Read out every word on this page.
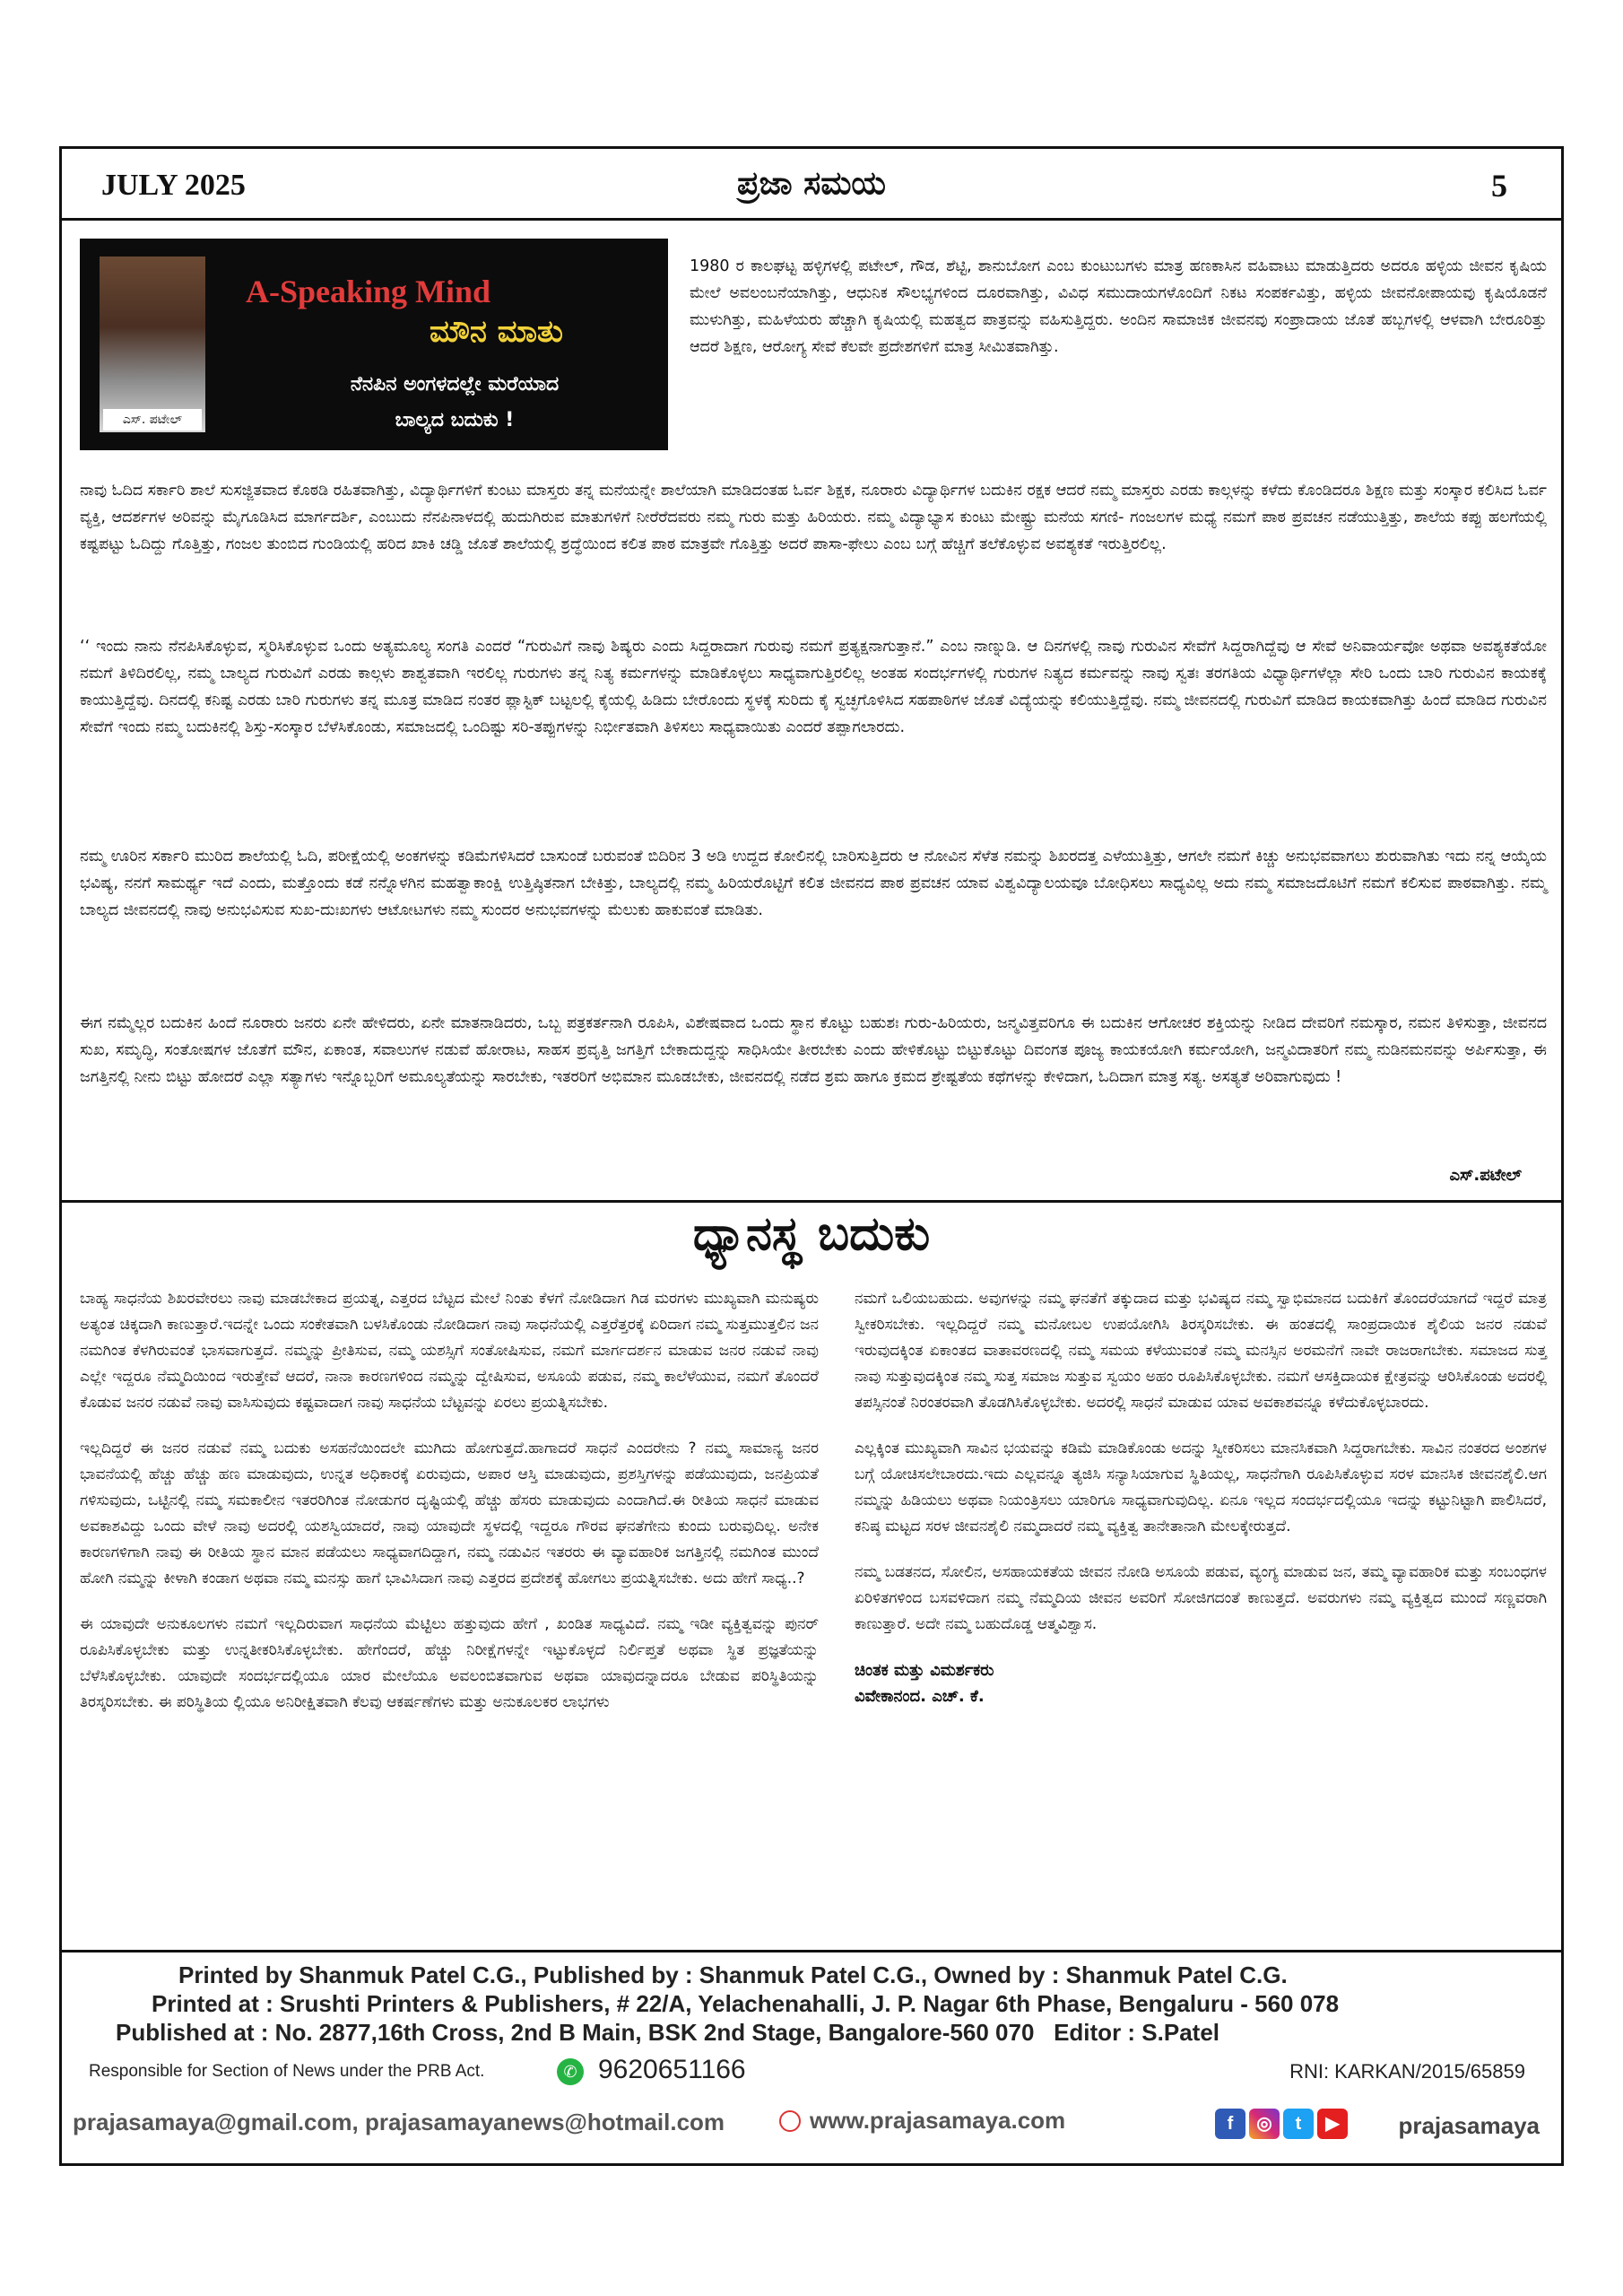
JULY 2025	ಪ್ರಜಾ ಸಮಯ	5
ಎಸ್. ಪಟೇಲ್
A-Speaking Mind
ಮೌನ ಮಾತು
ನೆನಪಿನ ಅಂಗಳದಲ್ಲೇ ಮರೆಯಾದ
ಬಾಲ್ಯದ ಬದುಕು !

1980 ರ ಕಾಲಘಟ್ಟ ಹಳ್ಳಿಗಳಲ್ಲಿ ಪಟೇಲ್, ಗೌಡ, ಶೆಟ್ಟಿ, ಶಾನುಬೋಗ ಎಂಬ ಕುಂಟುಬಗಳು ಮಾತ್ರ ಹಣಕಾಸಿನ ವಹಿವಾಟು ಮಾಡುತ್ತಿದರು ಅದರೂ ಹಳ್ಳಿಯ ಜೀವನ ಕೃಷಿಯ ಮೇಲೆ ಅವಲಂಬನೆಯಾಗಿತ್ತು, ಆಧುನಿಕ ಸೌಲಭ್ಯಗಳಿಂದ ದೂರವಾಗಿತ್ತು, ವಿವಿಧ ಸಮುದಾಯಗಳೊಂದಿಗೆ ನಿಕಟ ಸಂಪರ್ಕವಿತ್ತು, ಹಳ್ಳಿಯ ಜೀವನೋಪಾಯವು ಕೃಷಿಯೊಡನೆ ಮುಳುಗಿತ್ತು, ಮಹಿಳೆಯರು ಹೆಚ್ಚಾಗಿ ಕೃಷಿಯಲ್ಲಿ ಮಹತ್ವದ ಪಾತ್ರವನ್ನು ವಹಿಸುತ್ತಿದ್ದರು. ಅಂದಿನ ಸಾಮಾಜಿಕ ಜೀವನವು ಸಂಪ್ರಾದಾಯ ಜೊತೆ ಹಬ್ಬಗಳಲ್ಲಿ ಆಳವಾಗಿ ಬೇರೂರಿತ್ತು ಆದರೆ ಶಿಕ್ಷಣ, ಆರೋಗ್ಯ ಸೇವೆ ಕೆಲವೇ ಪ್ರದೇಶಗಳಿಗೆ ಮಾತ್ರ ಸೀಮಿತವಾಗಿತ್ತು.

ನಾವು ಓದಿದ ಸರ್ಕಾರಿ ಶಾಲೆ ಸುಸಜ್ಜಿತವಾದ ಕೊಠಡಿ ರಹಿತವಾಗಿತ್ತು, ವಿದ್ಯಾರ್ಥಿಗಳಿಗೆ ಕುಂಟು ಮಾಸ್ತರು ತನ್ನ ಮನೆಯನ್ನೇ ಶಾಲೆಯಾಗಿ ಮಾಡಿದಂತಹ ಓರ್ವ ಶಿಕ್ಷಕ, ನೂರಾರು ವಿದ್ಯಾರ್ಥಿಗಳ ಬದುಕಿನ ರಕ್ಷಕ ಆದರೆ ನಮ್ಮ ಮಾಸ್ತರು ಎರಡು ಕಾಲ್ಗಳನ್ನು ಕಳೆದು ಕೊಂಡಿದರೂ ಶಿಕ್ಷಣ ಮತ್ತು ಸಂಸ್ಕಾರ ಕಲಿಸಿದ ಓರ್ವ ವ್ಯಕ್ತಿ, ಆದರ್ಶಗಳ ಅರಿವನ್ನು ಮೈಗೂಡಿಸಿದ ಮಾರ್ಗದರ್ಶಿ, ಎಂಬುದು ನೆನಪಿನಾಳದಲ್ಲಿ ಹುದುಗಿರುವ ಮಾತುಗಳಿಗೆ ನೀರೆರೆದವರು ನಮ್ಮ ಗುರು ಮತ್ತು ಹಿರಿಯರು. ನಮ್ಮ ವಿದ್ಯಾಭ್ಯಾಸ ಕುಂಟು ಮೇಷ್ಟ್ರು ಮನೆಯ ಸಗಣಿ- ಗಂಜಲಗಳ ಮಧ್ಯೆ ನಮಗೆ ಪಾಠ ಪ್ರವಚನ ನಡೆಯುತ್ತಿತ್ತು, ಶಾಲೆಯ ಕಪ್ಪು ಹಲಗೆಯಲ್ಲಿ ಕಷ್ಟಪಟ್ಟು ಓದಿದ್ದು ಗೊತ್ತಿತ್ತು, ಗಂಜಲ ತುಂಬಿದ ಗುಂಡಿಯಲ್ಲಿ ಹರಿದ ಖಾಕಿ ಚಡ್ಡಿ ಜೊತೆ ಶಾಲೆಯಲ್ಲಿ ಶ್ರದ್ಧೆಯಿಂದ ಕಲಿತ ಪಾಠ ಮಾತ್ರವೇ ಗೊತ್ತಿತ್ತು ಅದರೆ ಪಾಸಾ-ಫೇಲು ಎಂಬ ಬಗ್ಗೆ ಹೆಚ್ಚಿಗೆ ತಲೆಕೊಳ್ಳುವ ಅವಶ್ಯಕತೆ ಇರುತ್ತಿರಲಿಲ್ಲ.

‘‘ ಇಂದು ನಾನು ನೆನಪಿಸಿಕೊಳ್ಳುವ, ಸ್ಮರಿಸಿಕೊಳ್ಳುವ ಒಂದು ಅತ್ಯಮೂಲ್ಯ ಸಂಗತಿ ಎಂದರೆ “ಗುರುವಿಗೆ ನಾವು ಶಿಷ್ಯರು ಎಂದು ಸಿದ್ದರಾದಾಗ ಗುರುವು ನಮಗೆ ಪ್ರತ್ಯಕ್ಷನಾಗುತ್ತಾನೆ.” ಎಂಬ ನಾಣ್ನುಡಿ. ಆ ದಿನಗಳಲ್ಲಿ ನಾವು ಗುರುವಿನ ಸೇವೆಗೆ ಸಿದ್ದರಾಗಿದ್ದೆವು ಆ ಸೇವೆ ಅನಿವಾರ್ಯವೋ ಅಥವಾ ಅವಶ್ಯಕತೆಯೋ ನಮಗೆ ತಿಳಿದಿರಲಿಲ್ಲ, ನಮ್ಮ ಬಾಲ್ಯದ ಗುರುವಿಗೆ ಎರಡು ಕಾಲ್ಗಳು ಶಾಶ್ವತವಾಗಿ ಇರಲಿಲ್ಲ ಗುರುಗಳು ತನ್ನ ನಿತ್ಯ ಕರ್ಮಗಳನ್ನು ಮಾಡಿಕೊಳ್ಳಲು ಸಾಧ್ಯವಾಗುತ್ತಿರಲಿಲ್ಲ ಅಂತಹ ಸಂದರ್ಭಗಳಲ್ಲಿ ಗುರುಗಳ ನಿತ್ಯದ ಕರ್ಮವನ್ನು ನಾವು ಸ್ವತಃ ತರಗತಿಯ ವಿಧ್ಯಾರ್ಥಿಗಳೆಲ್ಲಾ ಸೇರಿ ಒಂದು ಬಾರಿ ಗುರುವಿನ ಕಾಯಕಕ್ಕೆ ಕಾಯುತ್ತಿದ್ದೆವು. ದಿನದಲ್ಲಿ ಕನಿಷ್ಟ ಎರಡು ಬಾರಿ ಗುರುಗಳು ತನ್ನ ಮೂತ್ರ ಮಾಡಿದ ನಂತರ ಪ್ಲಾಸ್ಟಿಕ್ ಬಟ್ಟಲಲ್ಲಿ ಕೈಯಲ್ಲಿ ಹಿಡಿದು ಬೇರೊಂದು ಸ್ಥಳಕ್ಕೆ ಸುರಿದು ಕೈ ಸ್ವಚ್ಛಗೊಳಿಸಿದ ಸಹಪಾಠಿಗಳ ಜೊತೆ ವಿದ್ಯೆಯನ್ನು ಕಲಿಯುತ್ತಿದ್ದೆವು. ನಮ್ಮ ಜೀವನದಲ್ಲಿ ಗುರುವಿಗೆ ಮಾಡಿದ ಕಾಯಕವಾಗಿತ್ತು ಹಿಂದೆ ಮಾಡಿದ ಗುರುವಿನ ಸೇವೆಗೆ ಇಂದು ನಮ್ಮ ಬದುಕಿನಲ್ಲಿ ಶಿಸ್ತು-ಸಂಸ್ಕಾರ ಬೆಳೆಸಿಕೊಂಡು, ಸಮಾಜದಲ್ಲಿ ಒಂದಿಷ್ಟು ಸರಿ-ತಪ್ಪುಗಳನ್ನು ನಿರ್ಭೀತವಾಗಿ ತಿಳಿಸಲು ಸಾಧ್ಯವಾಯಿತು ಎಂದರೆ ತಪ್ಪಾಗಲಾರದು.

ನಮ್ಮ ಊರಿನ ಸರ್ಕಾರಿ ಮುರಿದ ಶಾಲೆಯಲ್ಲಿ ಓದಿ, ಪರೀಕ್ಷೆಯಲ್ಲಿ ಅಂಕಗಳನ್ನು ಕಡಿಮೆಗಳಿಸಿದರೆ ಬಾಸುಂಡೆ ಬರುವಂತೆ ಬಿದಿರಿನ 3 ಅಡಿ ಉದ್ದದ ಕೋಲಿನಲ್ಲಿ ಬಾರಿಸುತ್ತಿದರು ಆ ನೋವಿನ ಸೆಳೆತ ನಮನ್ನು ಶಿಖರದತ್ತ ಎಳೆಯುತ್ತಿತ್ತು, ಆಗಲೇ ನಮಗೆ ಕಿಚ್ಚು ಅನುಭವವಾಗಲು ಶುರುವಾಗಿತು ಇದು ನನ್ನ ಆಯ್ಕೆಯ ಭವಿಷ್ಯ, ನನಗೆ ಸಾಮರ್ಥ್ಯ ಇದೆ ಎಂದು, ಮತ್ತೊಂದು ಕಡೆ ನನ್ನೊಳಗಿನ ಮಹತ್ವಾಕಾಂಕ್ಷಿ ಉತ್ತಿಷ್ಠಿತನಾಗ ಬೇಕಿತ್ತು, ಬಾಲ್ಯದಲ್ಲಿ ನಮ್ಮ ಹಿರಿಯರೊಟ್ಟಿಗೆ ಕಲಿತ ಜೀವನದ ಪಾಠ ಪ್ರವಚನ ಯಾವ ವಿಶ್ವವಿದ್ಯಾಲಯವೂ ಬೋಧಿಸಲು ಸಾಧ್ಯವಿಲ್ಲ ಅದು ನಮ್ಮ ಸಮಾಜದೊಟಿಗೆ ನಮಗೆ ಕಲಿಸುವ ಪಾಠವಾಗಿತ್ತು. ನಮ್ಮ ಬಾಲ್ಯದ ಜೀವನದಲ್ಲಿ ನಾವು ಅನುಭವಿಸುವ ಸುಖ-ದುಃಖಗಳು ಆಟೋಟಗಳು ನಮ್ಮ ಸುಂದರ ಅನುಭವಗಳನ್ನು ಮೆಲುಕು ಹಾಕುವಂತೆ ಮಾಡಿತು.

ಈಗ ನಮ್ಮೆಲ್ಲರ ಬದುಕಿನ ಹಿಂದೆ ನೂರಾರು ಜನರು ಏನೇ ಹೇಳಿದರು, ಏನೇ ಮಾತನಾಡಿದರು, ಒಬ್ಬ ಪತ್ರಕರ್ತನಾಗಿ ರೂಪಿಸಿ, ವಿಶೇಷವಾದ ಒಂದು ಸ್ಥಾನ ಕೊಟ್ಟು ಬಹುಶಃ ಗುರು-ಹಿರಿಯರು, ಜನ್ಮವಿತ್ತವರಿಗೂ ಈ ಬದುಕಿನ ಆಗೋಚರ ಶಕ್ತಿಯನ್ನು ನೀಡಿದ ದೇವರಿಗೆ ನಮಸ್ಕಾರ, ನಮನ ತಿಳಿಸುತ್ತಾ, ಜೀವನದ ಸುಖ, ಸಮೃದ್ಧಿ, ಸಂತೋಷಗಳ ಜೊತೆಗೆ ಮೌನ, ಏಕಾಂತ, ಸವಾಲುಗಳ ನಡುವೆ ಹೋರಾಟ, ಸಾಹಸ ಪ್ರವೃತ್ತಿ ಜಗತ್ತಿಗೆ ಬೇಕಾದುದ್ದನ್ನು ಸಾಧಿಸಿಯೇ ತೀರಬೇಕು ಎಂದು ಹೇಳಿಕೊಟ್ಟು ಬಿಟ್ಟುಕೊಟ್ಟು ದಿವಂಗತ ಪೂಜ್ಯ ಕಾಯಕಯೋಗಿ ಕರ್ಮಯೋಗಿ, ಜನ್ಮವಿದಾತರಿಗೆ ನಮ್ಮ ನುಡಿನಮನವನ್ನು ಅರ್ಪಿಸುತ್ತಾ, ಈ ಜಗತ್ತಿನಲ್ಲಿ ನೀನು ಬಿಟ್ಟು ಹೋದರೆ ಎಲ್ಲಾ ಸತ್ಯಾಗಳು ಇನ್ನೊಬ್ಬರಿಗೆ ಅಮೂಲ್ಯತೆಯನ್ನು ಸಾರಬೇಕು, ಇತರರಿಗೆ ಅಭಿಮಾನ ಮೂಡಬೇಕು, ಜೀವನದಲ್ಲಿ ನಡೆದ ಶ್ರಮ ಹಾಗೂ ಕ್ರಮದ ಶ್ರೇಷ್ಟತೆಯ ಕಥೆಗಳನ್ನು ಕೇಳಿದಾಗ, ಓದಿದಾಗ ಮಾತ್ರ ಸತ್ಯ. ಅಸತ್ಯತೆ ಅರಿವಾಗುವುದು !

ಎಸ್.ಪಟೇಲ್
ಧ್ಯಾನಸ್ಥ ಬದುಕು

ಬಾಹ್ಯ ಸಾಧನೆಯ ಶಿಖರವೇರಲು ನಾವು ಮಾಡಬೇಕಾದ ಪ್ರಯತ್ನ, ಎತ್ತರದ ಬೆಟ್ಟದ ಮೇಲೆ ನಿಂತು ಕೆಳಗೆ ನೋಡಿದಾಗ ಗಿಡ ಮರಗಳು ಮುಖ್ಯವಾಗಿ ಮನುಷ್ಯರು ಅತ್ಯಂತ ಚಿಕ್ಕದಾಗಿ ಕಾಣುತ್ತಾರೆ.ಇದನ್ನೇ ಒಂದು ಸಂಕೇತವಾಗಿ ಬಳಸಿಕೊಂಡು ನೋಡಿದಾಗ ನಾವು ಸಾಧನೆಯಲ್ಲಿ ಎತ್ತರೆತ್ತರಕ್ಕೆ ಏರಿದಾಗ ನಮ್ಮ ಸುತ್ತಮುತ್ತಲಿನ ಜನ ನಮಗಿಂತ ಕೆಳಗಿರುವಂತೆ ಭಾಸವಾಗುತ್ತದೆ. ನಮ್ಮನ್ನು ಪ್ರೀತಿಸುವ, ನಮ್ಮ ಯಶಸ್ಸಿಗೆ ಸಂತೋಷಿಸುವ, ನಮಗೆ ಮಾರ್ಗದರ್ಶನ ಮಾಡುವ ಜನರ ನಡುವೆ ನಾವು ಎಲ್ಲೇ ಇದ್ದರೂ ನೆಮ್ಮದಿಯಿಂದ ಇರುತ್ತೇವೆ ಆದರೆ, ನಾನಾ ಕಾರಣಗಳಿಂದ ನಮ್ಮನ್ನು ದ್ವೇಷಿಸುವ, ಅಸೂಯೆ ಪಡುವ, ನಮ್ಮ ಕಾಲೆಳೆಯುವ, ನಮಗೆ ತೊಂದರೆ ಕೊಡುವ ಜನರ ನಡುವೆ ನಾವು ವಾಸಿಸುವುದು ಕಷ್ಟವಾದಾಗ ನಾವು ಸಾಧನೆಯ ಬೆಟ್ಟವನ್ನು ಏರಲು ಪ್ರಯತ್ನಿಸಬೇಕು.

ಇಲ್ಲದಿದ್ದರೆ ಈ ಜನರ ನಡುವೆ ನಮ್ಮ ಬದುಕು ಅಸಹನೆಯಿಂದಲೇ ಮುಗಿದು ಹೋಗುತ್ತದೆ.ಹಾಗಾದರೆ ಸಾಧನೆ ಎಂದರೇನು ? ನಮ್ಮ ಸಾಮಾನ್ಯ ಜನರ ಭಾವನೆಯಲ್ಲಿ ಹೆಚ್ಚು ಹೆಚ್ಚು ಹಣ ಮಾಡುವುದು, ಉನ್ನತ ಅಧಿಕಾರಕ್ಕೆ ಏರುವುದು, ಅಪಾರ ಆಸ್ತಿ ಮಾಡುವುದು, ಪ್ರಶಸ್ತಿಗಳನ್ನು ಪಡೆಯುವುದು, ಜನಪ್ರಿಯತೆ ಗಳಿಸುವುದು, ಒಟ್ಟಿನಲ್ಲಿ ನಮ್ಮ ಸಮಕಾಲೀನ ಇತರರಿಗಿಂತ ನೋಡುಗರ ದೃಷ್ಟಿಯಲ್ಲಿ ಹೆಚ್ಚು ಹೆಸರು ಮಾಡುವುದು ಎಂದಾಗಿದೆ.ಈ ರೀತಿಯ ಸಾಧನೆ ಮಾಡುವ ಅವಕಾಶವಿದ್ದು ಒಂದು ವೇಳೆ ನಾವು ಅದರಲ್ಲಿ ಯಶಸ್ವಿಯಾದರೆ, ನಾವು ಯಾವುದೇ ಸ್ಥಳದಲ್ಲಿ ಇದ್ದರೂ ಗೌರವ ಘನತೆಗೇನು ಕುಂದು ಬರುವುದಿಲ್ಲ. ಅನೇಕ ಕಾರಣಗಳಿಗಾಗಿ ನಾವು ಈ ರೀತಿಯ ಸ್ಥಾನ ಮಾನ ಪಡೆಯಲು ಸಾಧ್ಯವಾಗದಿದ್ದಾಗ, ನಮ್ಮ ನಡುವಿನ ಇತರರು ಈ ವ್ಯಾವಹಾರಿಕ ಜಗತ್ತಿನಲ್ಲಿ ನಮಗಿಂತ ಮುಂದೆ ಹೋಗಿ ನಮ್ಮನ್ನು ಕೀಳಾಗಿ ಕಂಡಾಗ ಅಥವಾ ನಮ್ಮ ಮನಸ್ಸು ಹಾಗೆ ಭಾವಿಸಿದಾಗ ನಾವು ಎತ್ತರದ ಪ್ರದೇಶಕ್ಕೆ ಹೋಗಲು ಪ್ರಯತ್ನಿಸಬೇಕು. ಅದು ಹೇಗೆ ಸಾಧ್ಯ..?

ಈ ಯಾವುದೇ ಅನುಕೂಲಗಳು ನಮಗೆ ಇಲ್ಲದಿರುವಾಗ ಸಾಧನೆಯ ಮೆಟ್ಟಿಲು ಹತ್ತುವುದು ಹೇಗೆ , ಖಂಡಿತ ಸಾಧ್ಯವಿದೆ. ನಮ್ಮ ಇಡೀ ವ್ಯಕ್ತಿತ್ವವನ್ನು ಪುನರ್ ರೂಪಿಸಿಕೊಳ್ಳಬೇಕು ಮತ್ತು ಉನ್ನತೀಕರಿಸಿಕೊಳ್ಳಬೇಕು. ಹೇಗೆಂದರೆ, ಹೆಚ್ಚು ನಿರೀಕ್ಷೆಗಳನ್ನೇ ಇಟ್ಟುಕೊಳ್ಳದೆ ನಿರ್ಲಿಪ್ತತೆ ಅಥವಾ ಸ್ಥಿತ ಪ್ರಜ್ಞತೆಯನ್ನು ಬೆಳೆಸಿಕೊಳ್ಳಬೇಕು. ಯಾವುದೇ ಸಂದರ್ಭದಲ್ಲಿಯೂ ಯಾರ ಮೇಲೆಯೂ ಅವಲಂಬಿತವಾಗುವ ಅಥವಾ ಯಾವುದನ್ನಾದರೂ ಬೇಡುವ ಪರಿಸ್ಥಿತಿಯನ್ನು ತಿರಸ್ಕರಿಸಬೇಕು. ಈ ಪರಿಸ್ಥಿತಿಯ ಲ್ಲಿಯೂ ಅನಿರೀಕ್ಷಿತವಾಗಿ ಕೆಲವು ಆಕರ್ಷಣೆಗಳು ಮತ್ತು ಅನುಕೂಲಕರ ಲಾಭಗಳು

ನಮಗೆ ಒಲಿಯಬಹುದು. ಅವುಗಳನ್ನು ನಮ್ಮ ಘನತೆಗೆ ತಕ್ಕುದಾದ ಮತ್ತು ಭವಿಷ್ಯದ ನಮ್ಮ ಸ್ವಾಭಿಮಾನದ ಬದುಕಿಗೆ ತೊಂದರೆಯಾಗದೆ ಇದ್ದರೆ ಮಾತ್ರ ಸ್ವೀಕರಿಸಬೇಕು. ಇಲ್ಲದಿದ್ದರೆ ನಮ್ಮ ಮನೋಬಲ ಉಪಯೋಗಿಸಿ ತಿರಸ್ಕರಿಸಬೇಕು. ಈ ಹಂತದಲ್ಲಿ ಸಾಂಪ್ರದಾಯಿಕ ಶೈಲಿಯ ಜನರ ನಡುವೆ ಇರುವುದಕ್ಕಿಂತ ಏಕಾಂತದ ವಾತಾವರಣದಲ್ಲಿ ನಮ್ಮ ಸಮಯ ಕಳೆಯುವಂತೆ ನಮ್ಮ ಮನಸ್ಸಿನ ಅರಮನೆಗೆ ನಾವೇ ರಾಜರಾಗಬೇಕು. ಸಮಾಜದ ಸುತ್ತ ನಾವು ಸುತ್ತುವುದಕ್ಕಿಂತ ನಮ್ಮ ಸುತ್ತ ಸಮಾಜ ಸುತ್ತುವ ಸ್ವಯಂ ಅಹಂ ರೂಪಿಸಿಕೊಳ್ಳಬೇಕು. ನಮಗೆ ಆಸಕ್ತಿದಾಯಕ ಕ್ಷೇತ್ರವನ್ನು ಆರಿಸಿಕೊಂಡು ಅದರಲ್ಲಿ ತಪಸ್ಸಿನಂತೆ ನಿರಂತರವಾಗಿ ತೊಡಗಿಸಿಕೊಳ್ಳಬೇಕು. ಅದರಲ್ಲಿ ಸಾಧನೆ ಮಾಡುವ ಯಾವ ಅವಕಾಶವನ್ನೂ ಕಳೆದುಕೊಳ್ಳಬಾರದು.

ಎಲ್ಲಕ್ಕಿಂತ ಮುಖ್ಯವಾಗಿ ಸಾವಿನ ಭಯವನ್ನು ಕಡಿಮೆ ಮಾಡಿಕೊಂಡು ಅದನ್ನು ಸ್ವೀಕರಿಸಲು ಮಾನಸಿಕವಾಗಿ ಸಿದ್ದರಾಗಬೇಕು. ಸಾವಿನ ನಂತರದ ಅಂಶಗಳ ಬಗ್ಗೆ ಯೋಚಿಸಲೇಬಾರದು.ಇದು ಎಲ್ಲವನ್ನೂ ತ್ಯಜಿಸಿ ಸನ್ಯಾಸಿಯಾಗುವ ಸ್ಥಿತಿಯಲ್ಲ, ಸಾಧನೆಗಾಗಿ ರೂಪಿಸಿಕೊಳ್ಳುವ ಸರಳ ಮಾನಸಿಕ ಜೀವನಶೈಲಿ.ಆಗ ನಮ್ಮನ್ನು ಹಿಡಿಯಲು ಅಥವಾ ನಿಯಂತ್ರಿಸಲು ಯಾರಿಗೂ ಸಾಧ್ಯವಾಗುವುದಿಲ್ಲ. ಏನೂ ಇಲ್ಲದ ಸಂದರ್ಭದಲ್ಲಿಯೂ ಇದನ್ನು ಕಟ್ಟುನಿಟ್ಟಾಗಿ ಪಾಲಿಸಿದರೆ, ಕನಿಷ್ಠ ಮಟ್ಟದ ಸರಳ ಜೀವನಶೈಲಿ ನಮ್ಮದಾದರೆ ನಮ್ಮ ವ್ಯಕ್ತಿತ್ವ ತಾನೇತಾನಾಗಿ ಮೇಲಕ್ಕೇರುತ್ತದೆ.

ನಮ್ಮ ಬಡತನದ, ಸೋಲಿನ, ಅಸಹಾಯಕತೆಯ ಜೀವನ ನೋಡಿ ಅಸೂಯೆ ಪಡುವ, ವ್ಯಂಗ್ಯ ಮಾಡುವ ಜನ, ತಮ್ಮ ವ್ಯಾವಹಾರಿಕ ಮತ್ತು ಸಂಬಂಧಗಳ ಏರಿಳಿತಗಳಿಂದ ಬಸವಳಿದಾಗ ನಮ್ಮ ನೆಮ್ಮದಿಯ ಜೀವನ ಅವರಿಗೆ ಸೋಜಿಗದಂತೆ ಕಾಣುತ್ತದೆ. ಅವರುಗಳು ನಮ್ಮ ವ್ಯಕ್ತಿತ್ವದ ಮುಂದೆ ಸಣ್ಣವರಾಗಿ ಕಾಣುತ್ತಾರೆ. ಅದೇ ನಮ್ಮ ಬಹುದೊಡ್ಡ ಆತ್ಮವಿಶ್ವಾಸ.

ಚಿಂತಕ ಮತ್ತು ವಿಮರ್ಶಕರು
ವಿವೇಕಾನಂದ. ಎಚ್. ಕೆ.
Printed by Shanmuk Patel C.G., Published by : Shanmuk Patel C.G., Owned by : Shanmuk Patel C.G.
Printed at : Srushti Printers & Publishers, # 22/A, Yelachenahalli, J. P. Nagar 6th Phase, Bengaluru - 560 078
Published at : No. 2877,16th Cross, 2nd B Main, BSK 2nd Stage, Bangalore-560 070 Editor : S.Patel
Responsible for Section of News under the PRB Act.	✆ 9620651166	RNI: KARKAN/2015/65859
prajasamaya@gmail.com, prajasamayanews@hotmail.com	www.prajasamaya.com	f	◎	t	▶	prajasamaya
